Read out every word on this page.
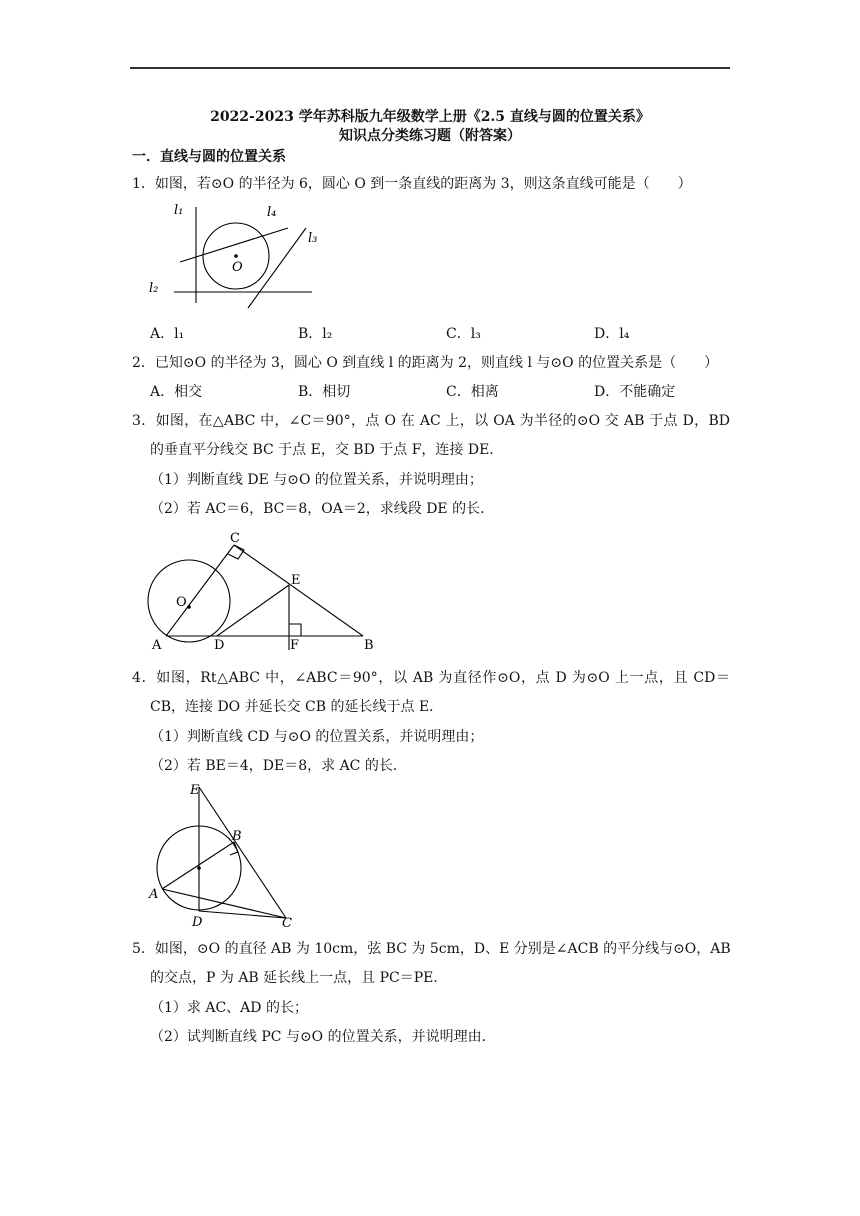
2022-2023 学年苏科版九年级数学上册《2.5 直线与圆的位置关系》
知识点分类练习题（附答案）
一．直线与圆的位置关系
1．如图，若⊙O 的半径为 6，圆心 O 到一条直线的距离为 3，则这条直线可能是（　　）
l₁	l₄
l₃
O
l₂
A．l₁	B．l₂	C．l₃	D．l₄
2．已知⊙O 的半径为 3，圆心 O 到直线 l 的距离为 2，则直线 l 与⊙O 的位置关系是（　　）
A．相交	B．相切	C．相离	D．不能确定
3．如图，在△ABC 中，∠C＝90°，点 O 在 AC 上，以 OA 为半径的⊙O 交 AB 于点 D，BD
的垂直平分线交 BC 于点 E，交 BD 于点 F，连接 DE．
（1）判断直线 DE 与⊙O 的位置关系，并说明理由；
（2）若 AC＝6，BC＝8，OA＝2，求线段 DE 的长．
C
O
E
A	D	F	B
4．如图，Rt△ABC 中，∠ABC＝90°，以 AB 为直径作⊙O，点 D 为⊙O 上一点，且 CD＝
CB，连接 DO 并延长交 CB 的延长线于点 E．
（1）判断直线 CD 与⊙O 的位置关系，并说明理由；
（2）若 BE＝4，DE＝8，求 AC 的长．
E
B
A
D	C
5．如图，⊙O 的直径 AB 为 10cm，弦 BC 为 5cm，D、E 分别是∠ACB 的平分线与⊙O，AB
的交点，P 为 AB 延长线上一点，且 PC＝PE．
（1）求 AC、AD 的长；
（2）试判断直线 PC 与⊙O 的位置关系，并说明理由．
